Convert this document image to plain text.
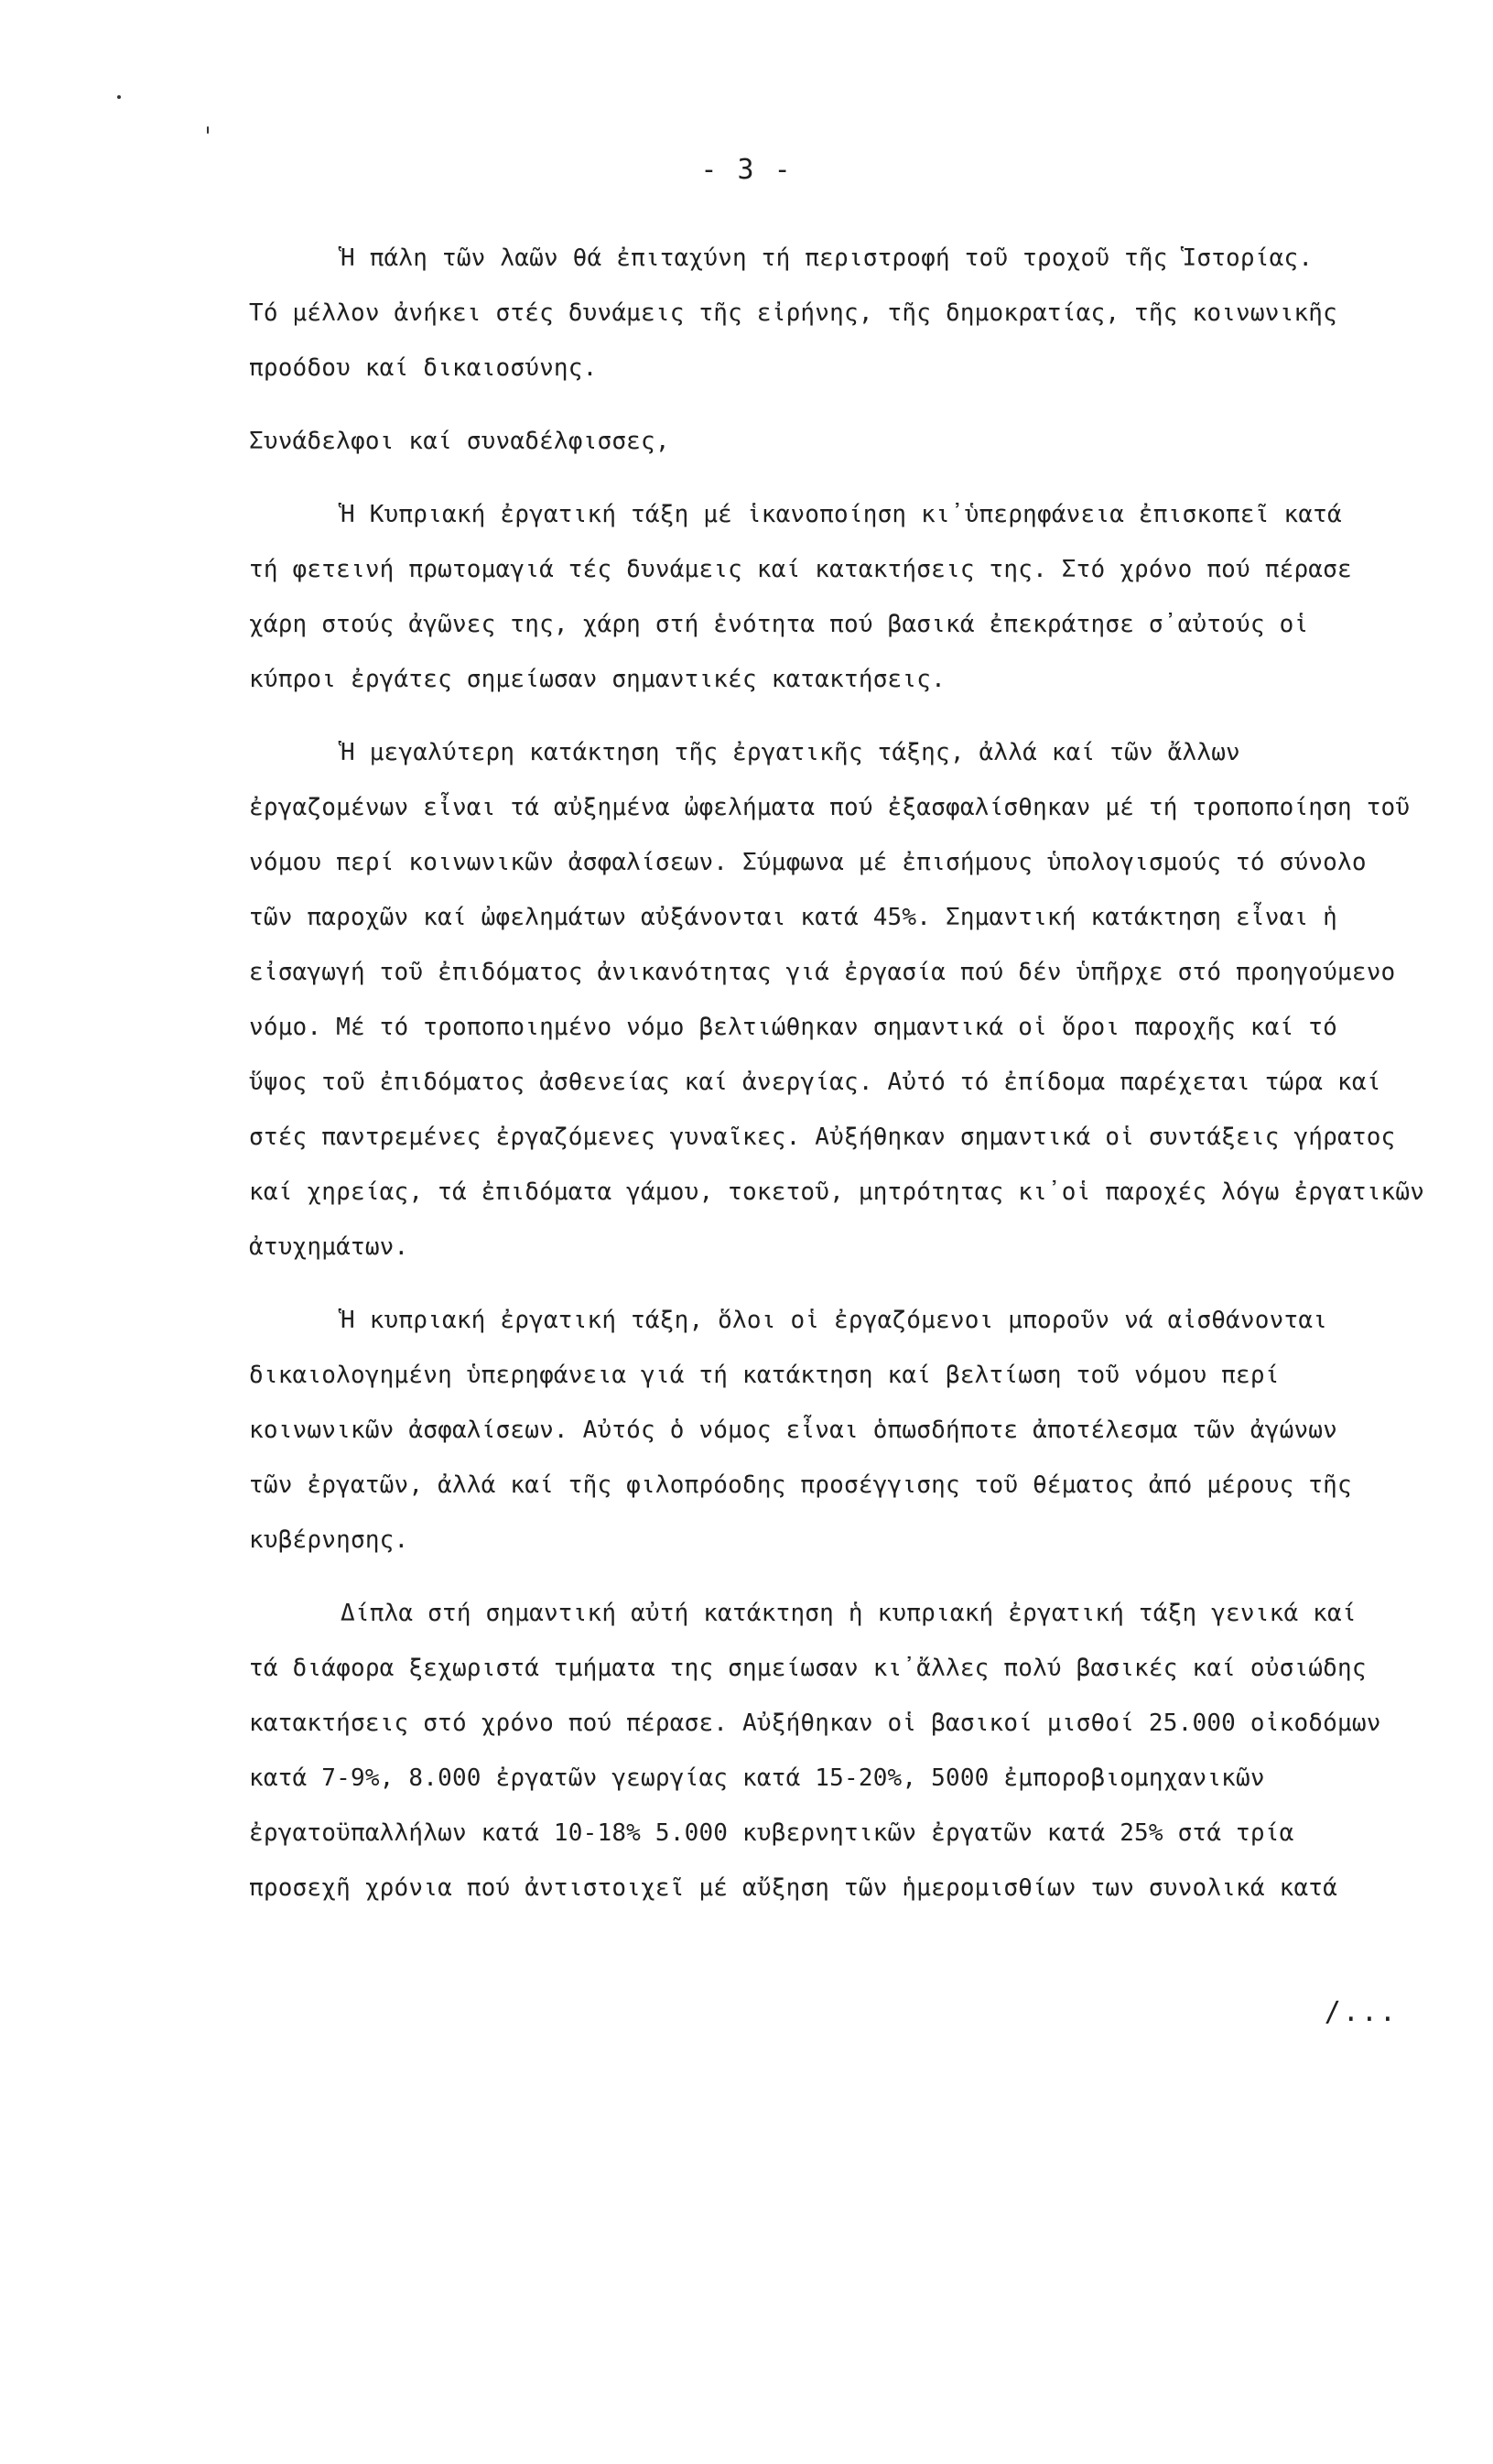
- 3 -
Ἡ πάλη τῶν λαῶν θά ἐπιταχύνη τή περιστροφή τοῦ τροχοῦ τῆς Ἱστορίας.
Τό μέλλον ἀνήκει στές δυνάμεις τῆς εἰρήνης, τῆς δημοκρατίας, τῆς κοινωνικῆς
προόδου καί δικαιοσύνης.
Συνάδελφοι καί συναδέλφισσες,
Ἡ Κυπριακή ἐργατική τάξη μέ ἱκανοποίηση κι᾽ὑπερηφάνεια ἐπισκοπεῖ κατά
τή φετεινή πρωτομαγιά τές δυνάμεις καί κατακτήσεις της. Στό χρόνο πού πέρασε
χάρη στούς ἀγῶνες της, χάρη στή ἑνότητα πού βασικά ἐπεκράτησε σ᾽αὐτούς οἱ
κύπροι ἐργάτες σημείωσαν σημαντικές κατακτήσεις.
Ἡ μεγαλύτερη κατάκτηση τῆς ἐργατικῆς τάξης, ἀλλά καί τῶν ἄλλων
ἐργαζομένων εἶναι τά αὐξημένα ὠφελήματα πού ἐξασφαλίσθηκαν μέ τή τροποποίηση τοῦ
νόμου περί κοινωνικῶν ἀσφαλίσεων. Σύμφωνα μέ ἐπισήμους ὑπολογισμούς τό σύνολο
τῶν παροχῶν καί ὠφελημάτων αὐξάνονται κατά 45%. Σημαντική κατάκτηση εἶναι ἡ
εἰσαγωγή τοῦ ἐπιδόματος ἀνικανότητας γιά ἐργασία πού δέν ὑπῆρχε στό προηγούμενο
νόμο. Μέ τό τροποποιημένο νόμο βελτιώθηκαν σημαντικά οἱ ὅροι παροχῆς καί τό
ὕψος τοῦ ἐπιδόματος ἀσθενείας καί ἀνεργίας. Αὐτό τό ἐπίδομα παρέχεται τώρα καί
στές παντρεμένες ἐργαζόμενες γυναῖκες. Αὐξήθηκαν σημαντικά οἱ συντάξεις γήρατος
καί χηρείας, τά ἐπιδόματα γάμου, τοκετοῦ, μητρότητας κι᾽οἱ παροχές λόγω ἐργατικῶν
ἀτυχημάτων.
Ἡ κυπριακή ἐργατική τάξη, ὅλοι οἱ ἐργαζόμενοι μποροῦν νά αἰσθάνονται
δικαιολογημένη ὑπερηφάνεια γιά τή κατάκτηση καί βελτίωση τοῦ νόμου περί
κοινωνικῶν ἀσφαλίσεων. Αὐτός ὁ νόμος εἶναι ὁπωσδήποτε ἀποτέλεσμα τῶν ἀγώνων
τῶν ἐργατῶν, ἀλλά καί τῆς φιλοπρόοδης προσέγγισης τοῦ θέματος ἀπό μέρους τῆς
κυβέρνησης.
Δίπλα στή σημαντική αὐτή κατάκτηση ἡ κυπριακή ἐργατική τάξη γενικά καί
τά διάφορα ξεχωριστά τμήματα της σημείωσαν κι᾽ἄλλες πολύ βασικές καί οὐσιώδης
κατακτήσεις στό χρόνο πού πέρασε. Αὐξήθηκαν οἱ βασικοί μισθοί 25.000 οἰκοδόμων
κατά 7-9%, 8.000 ἐργατῶν γεωργίας κατά 15-20%, 5000 ἐμποροβιομηχανικῶν
ἐργατοϋπαλλήλων κατά 10-18% 5.000 κυβερνητικῶν ἐργατῶν κατά 25% στά τρία
προσεχῆ χρόνια πού ἀντιστοιχεῖ μέ αὔξηση τῶν ἡμερομισθίων των συνολικά κατά
/...
